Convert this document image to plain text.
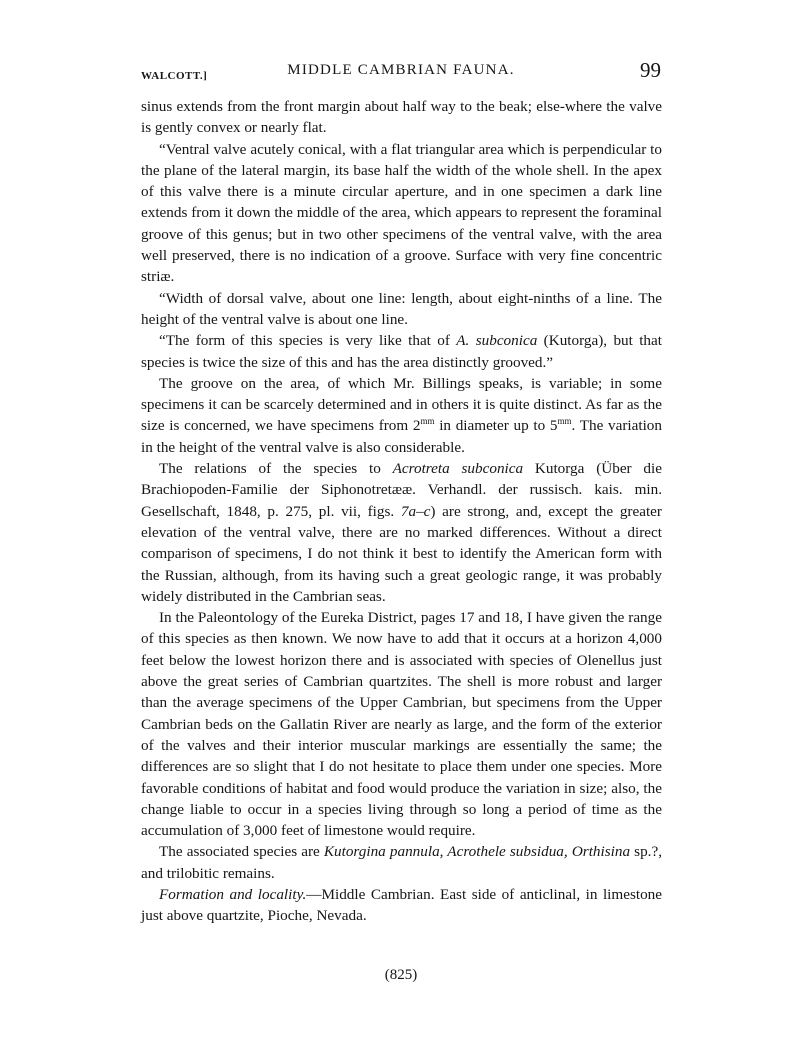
WALCOTT.]	MIDDLE CAMBRIAN FAUNA.	99

sinus extends from the front margin about half way to the beak; else-where the valve is gently convex or nearly flat.

“Ventral valve acutely conical, with a flat triangular area which is perpendicular to the plane of the lateral margin, its base half the width of the whole shell. In the apex of this valve there is a minute circular aperture, and in one specimen a dark line extends from it down the middle of the area, which appears to represent the foraminal groove of this genus; but in two other specimens of the ventral valve, with the area well preserved, there is no indication of a groove. Surface with very fine concentric striæ.

“Width of dorsal valve, about one line: length, about eight-ninths of a line. The height of the ventral valve is about one line.

“The form of this species is very like that of A. subconica (Kutorga), but that species is twice the size of this and has the area distinctly grooved.”

The groove on the area, of which Mr. Billings speaks, is variable; in some specimens it can be scarcely determined and in others it is quite distinct. As far as the size is concerned, we have specimens from $2^{mm}$ in diameter up to $5^{mm}$. The variation in the height of the ventral valve is also considerable.

The relations of the species to Acrotreta subconica Kutorga (Über die Brachiopoden-Familie der Siphonotretææ. Verhandl. der russisch. kais. min. Gesellschaft, 1848, p. 275, pl. vii, figs. 7a–c) are strong, and, except the greater elevation of the ventral valve, there are no marked differences. Without a direct comparison of specimens, I do not think it best to identify the American form with the Russian, although, from its having such a great geologic range, it was probably widely distributed in the Cambrian seas.

In the Paleontology of the Eureka District, pages 17 and 18, I have given the range of this species as then known. We now have to add that it occurs at a horizon 4,000 feet below the lowest horizon there and is associated with species of Olenellus just above the great series of Cambrian quartzites. The shell is more robust and larger than the average specimens of the Upper Cambrian, but specimens from the Upper Cambrian beds on the Gallatin River are nearly as large, and the form of the exterior of the valves and their interior muscular markings are essentially the same; the differences are so slight that I do not hesitate to place them under one species. More favorable conditions of habitat and food would produce the variation in size; also, the change liable to occur in a species living through so long a period of time as the accumulation of 3,000 feet of limestone would require.

The associated species are Kutorgina pannula, Acrothele subsidua, Orthisina sp.?, and trilobitic remains.

Formation and locality.—Middle Cambrian. East side of anticlinal, in limestone just above quartzite, Pioche, Nevada.

(825)
